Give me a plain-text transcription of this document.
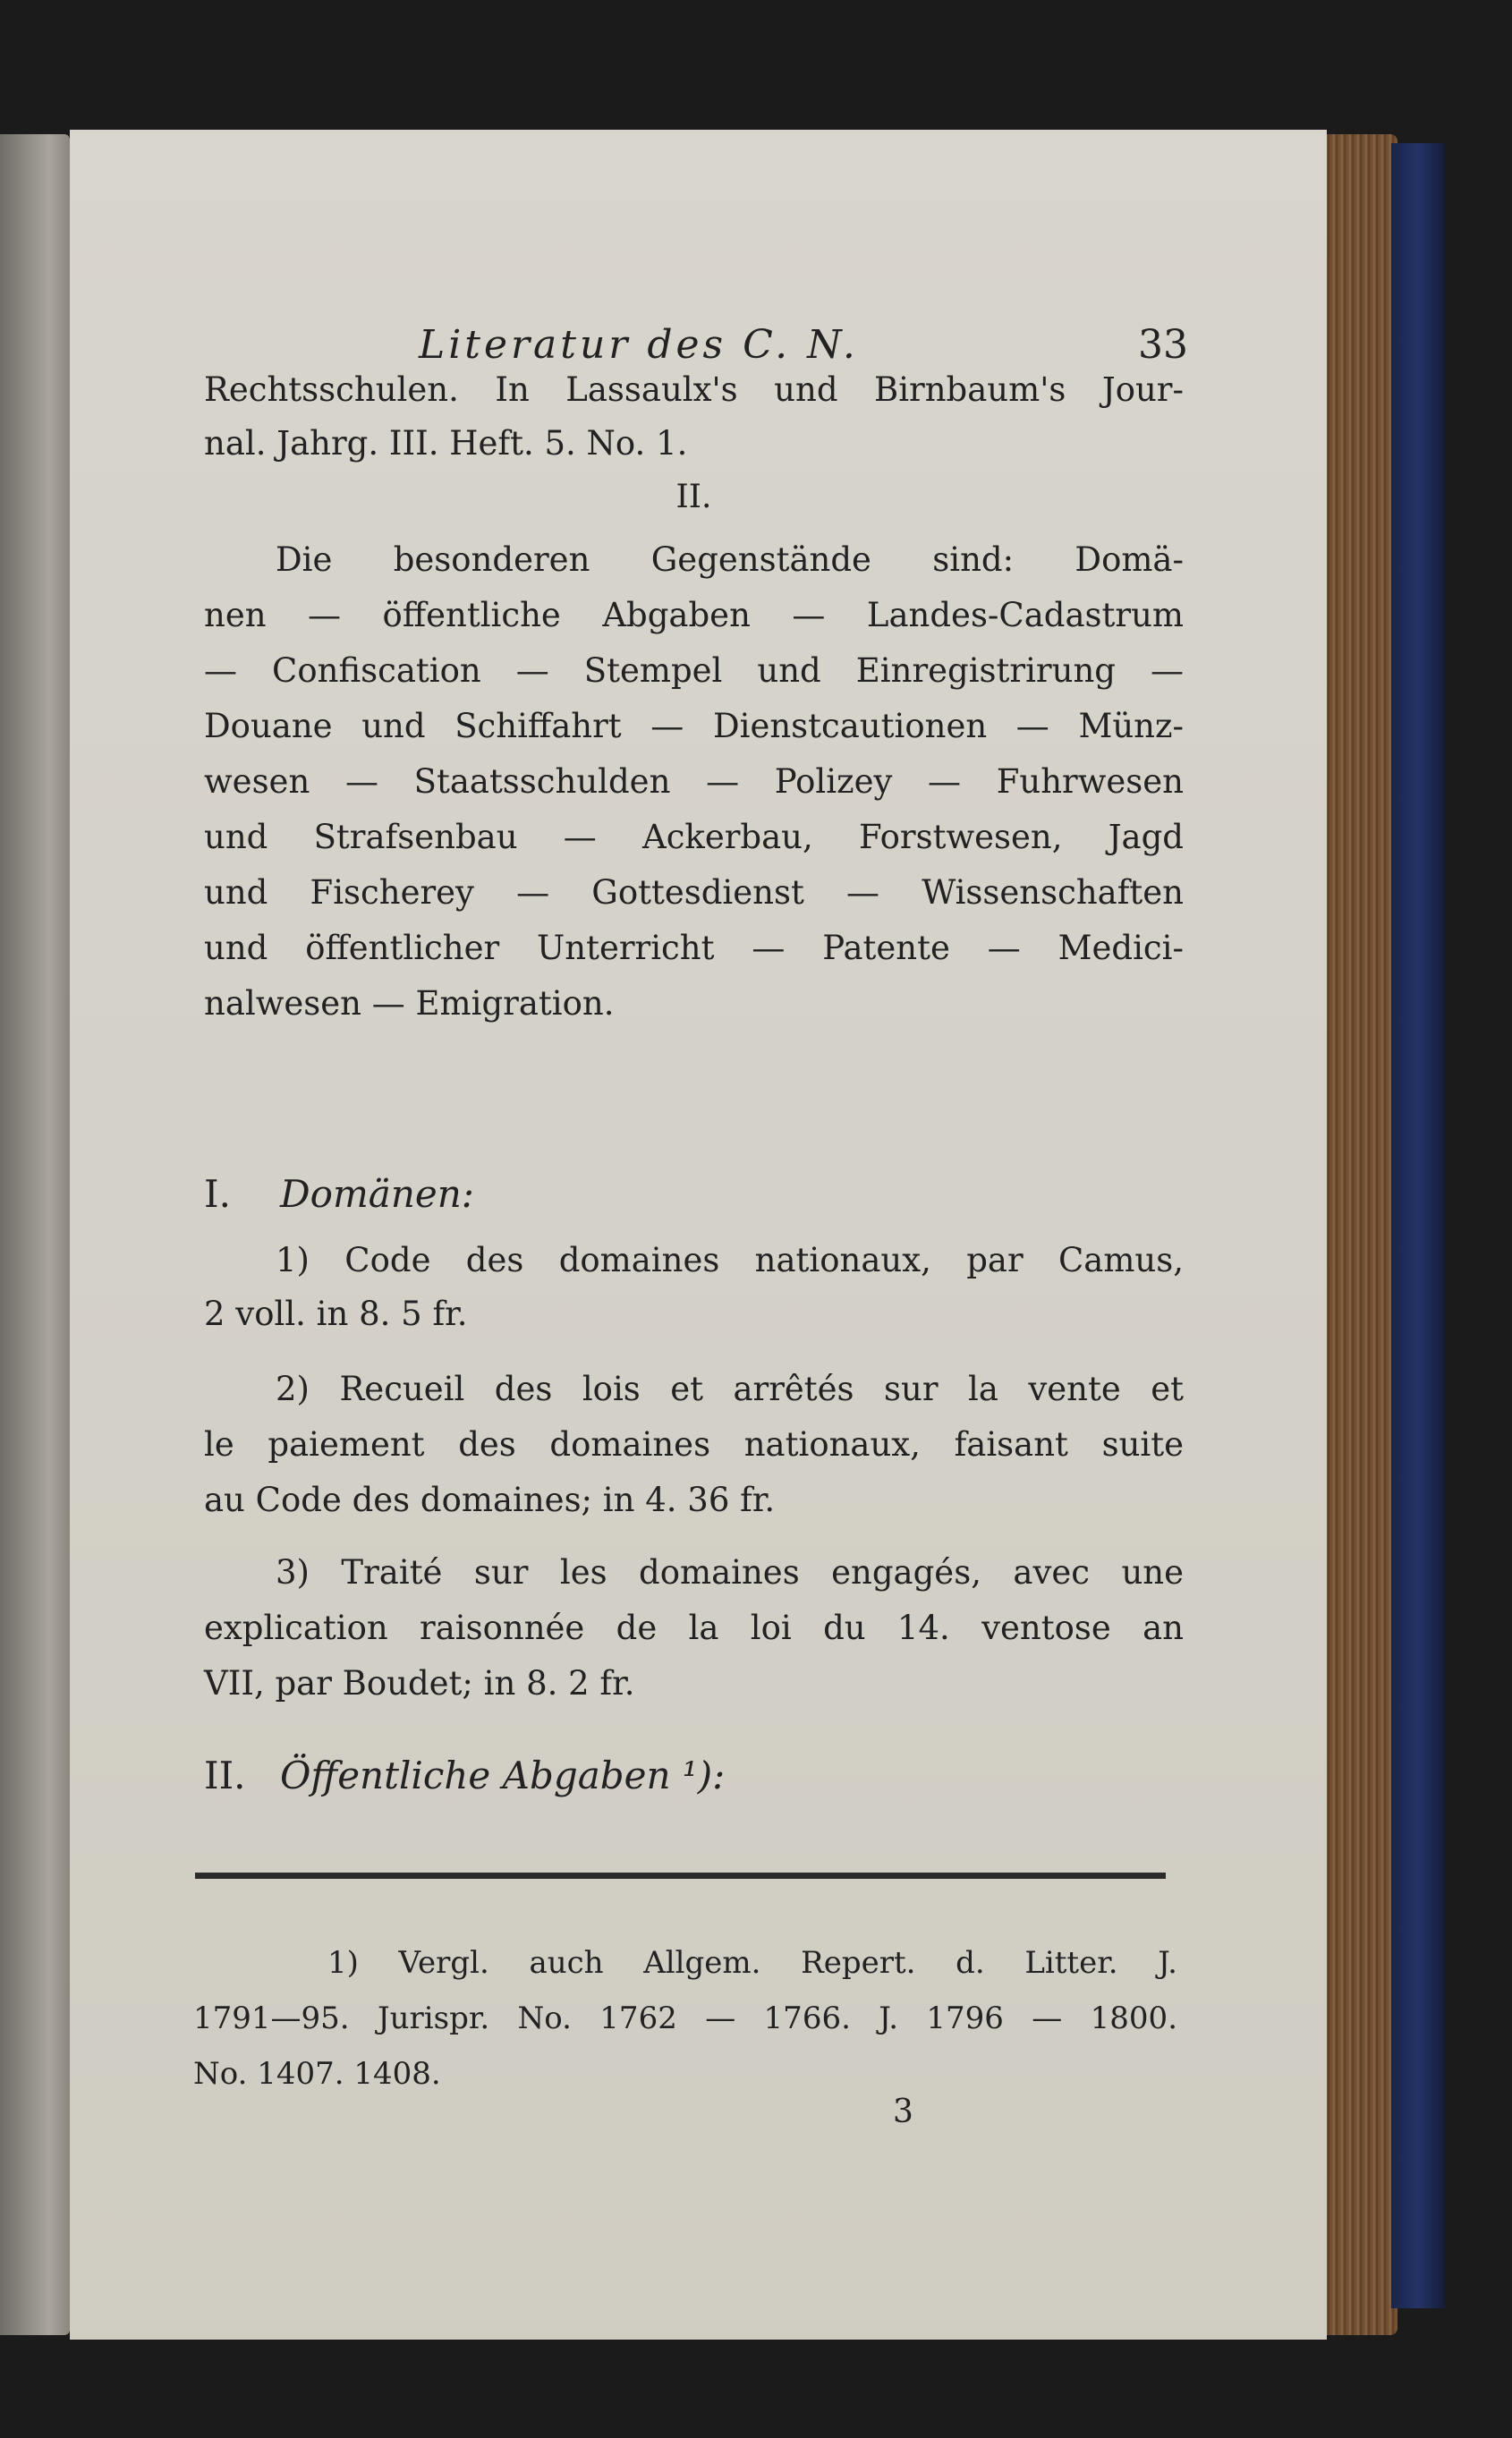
Literatur des C. N.	33

Rechtsschulen. In Lassaulx's und Birnbaum's Jour-

nal. Jahrg. III. Heft. 5. No. 1.

II.

Die besonderen Gegenstände sind: Domä-

nen — öffentliche Abgaben — Landes-Cadastrum

— Confiscation — Stempel und Einregistrirung —

Douane und Schiffahrt — Dienstcautionen — Münz-

wesen — Staatsschulden — Polizey — Fuhrwesen

und Strafsenbau — Ackerbau, Forstwesen, Jagd

und Fischerey — Gottesdienst — Wissenschaften

und öffentlicher Unterricht — Patente — Medici-

nalwesen — Emigration.

I. Domänen:

1) Code des domaines nationaux, par Camus,

2 voll. in 8. 5 fr.

2) Recueil des lois et arrêtés sur la vente et

le paiement des domaines nationaux, faisant suite

au Code des domaines; in 4. 36 fr.

3) Traité sur les domaines engagés, avec une

explication raisonnée de la loi du 14. ventose an

VII, par Boudet; in 8. 2 fr.

II. Öffentliche Abgaben ¹):

1) Vergl. auch Allgem. Repert. d. Litter. J.

1791—95. Jurispr. No. 1762 — 1766. J. 1796 — 1800.

No. 1407. 1408.

3
